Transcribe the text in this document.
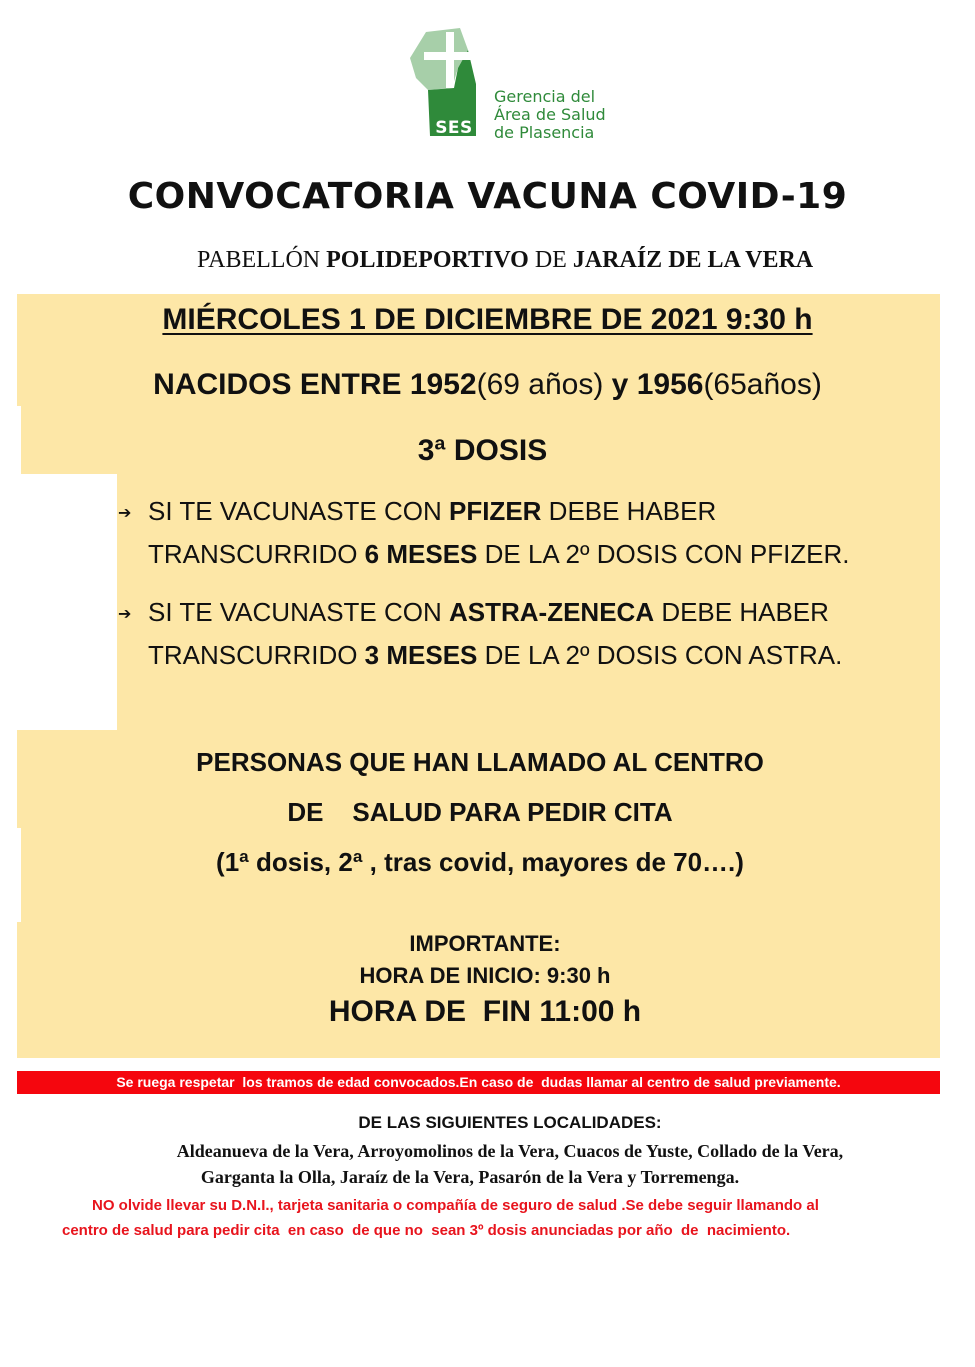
SES
Gerencia del
Área de Salud
de Plasencia
CONVOCATORIA VACUNA COVID-19
PABELLÓN POLIDEPORTIVO DE JARAÍZ DE LA VERA
MIÉRCOLES 1 DE DICIEMBRE DE 2021 9:30 h
NACIDOS ENTRE 1952(69 años) y 1956(65años)
3ª DOSIS
➔ SI TE VACUNASTE CON PFIZER DEBE HABER
TRANSCURRIDO 6 MESES DE LA 2º DOSIS CON PFIZER.
➔ SI TE VACUNASTE CON ASTRA-ZENECA DEBE HABER
TRANSCURRIDO 3 MESES DE LA 2º DOSIS CON ASTRA.
PERSONAS QUE HAN LLAMADO AL CENTRO
DE    SALUD PARA PEDIR CITA
(1ª dosis, 2ª , tras covid, mayores de 70….)
IMPORTANTE:
HORA DE INICIO: 9:30 h
HORA DE  FIN 11:00 h
Se ruega respetar  los tramos de edad convocados.En caso de  dudas llamar al centro de salud previamente.
DE LAS SIGUIENTES LOCALIDADES:
Aldeanueva de la Vera, Arroyomolinos de la Vera, Cuacos de Yuste, Collado de la Vera,
Garganta la Olla, Jaraíz de la Vera, Pasarón de la Vera y Torremenga.
NO olvide llevar su D.N.I., tarjeta sanitaria o compañía de seguro de salud .Se debe seguir llamando al
centro de salud para pedir cita  en caso  de que no  sean 3º dosis anunciadas por año  de  nacimiento.
